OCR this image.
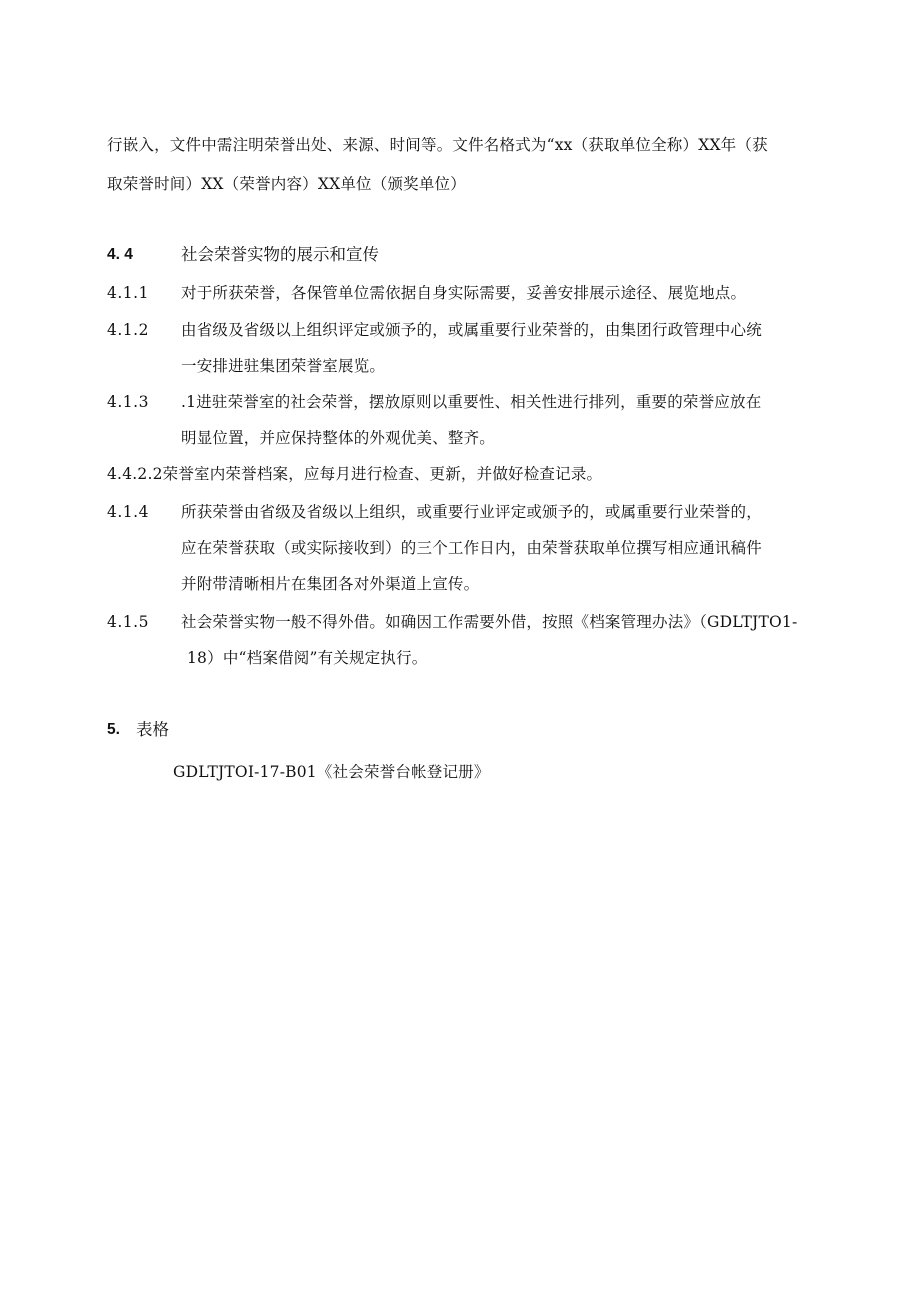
行嵌入，文件中需注明荣誉出处、来源、时间等。文件名格式为“xx（获取单位全称）XX年（获
取荣誉时间）XX（荣誉内容）XX单位（颁奖单位）
4. 4	社会荣誉实物的展示和宣传
4.1.1 对于所获荣誉，各保管单位需依据自身实际需要，妥善安排展示途径、展览地点。
4.1.2 由省级及省级以上组织评定或颁予的，或属重要行业荣誉的，由集团行政管理中心统
一安排进驻集团荣誉室展览。
4.1.3 .1进驻荣誉室的社会荣誉，摆放原则以重要性、相关性进行排列，重要的荣誉应放在
明显位置，并应保持整体的外观优美、整齐。
4.4.2.2荣誉室内荣誉档案，应每月进行检查、更新，并做好检查记录。
4.1.4 所获荣誉由省级及省级以上组织，或重要行业评定或颁予的，或属重要行业荣誉的，
应在荣誉获取（或实际接收到）的三个工作日内，由荣誉获取单位撰写相应通讯稿件
并附带清晰相片在集团各对外渠道上宣传。
4.1.5 社会荣誉实物一般不得外借。如确因工作需要外借，按照《档案管理办法》（GDLTJTO1-
18）中“档案借阅”有关规定执行。
5. 表格
GDLTJTOI-17-B01《社会荣誉台帐登记册》
